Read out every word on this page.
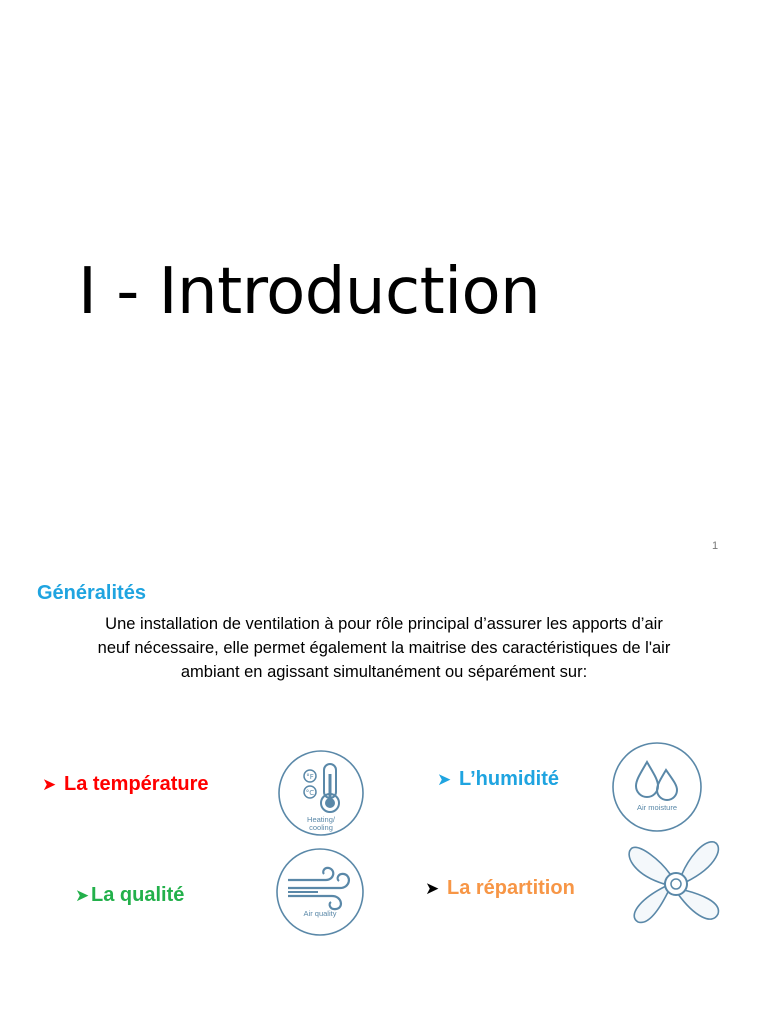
I - Introduction
1
Généralités
Une installation de ventilation à pour rôle principal d’assurer les apports d’air
neuf nécessaire, elle permet également la maitrise des caractéristiques de l'air
ambiant en agissant simultanément ou séparément sur:
➤ La température	➤ L’humidité
➤La qualité	➤ La répartition
°F
°C
Heating/
cooling
Air moisture
Air quality
